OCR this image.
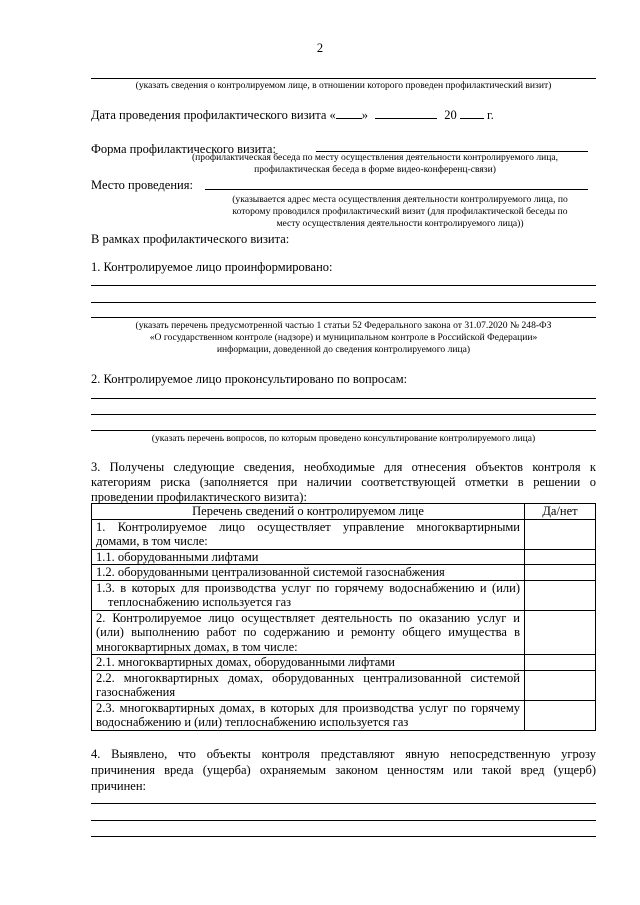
2
(указать сведения о контролируемом лице, в отношении которого проведен профилактический визит)
Дата проведения профилактического визита « »	20 г.
Форма профилактического визита:
(профилактическая беседа по месту осуществления деятельности контролируемого лица,
профилактическая беседа в форме видео-конференц-связи)
Место проведения:
(указывается адрес места осуществления деятельности контролируемого лица, по
которому проводился профилактический визит (для профилактической беседы по
месту осуществления деятельности контролируемого лица))
В рамках профилактического визита:
1. Контролируемое лицо проинформировано:
(указать перечень предусмотренной частью 1 статьи 52 Федерального закона от 31.07.2020 № 248-ФЗ
«О государственном контроле (надзоре) и муниципальном контроле в Российской Федерации»
информации, доведенной до сведения контролируемого лица)
2. Контролируемое лицо проконсультировано по вопросам:
(указать перечень вопросов, по которым проведено консультирование контролируемого лица)
3. Получены следующие сведения, необходимые для отнесения объектов контроля к
категориям риска (заполняется при наличии соответствующей отметки в решении о
проведении профилактического визита):
Перечень сведений о контролируемом лице	Да/нет
1. Контролируемое лицо осуществляет управление многоквартирными домами, в том числе:	
1.1. оборудованными лифтами	
1.2. оборудованными централизованной системой газоснабжения	
1.3. в которых для производства услуг по горячему водоснабжению и (или) теплоснабжению используется газ	
2. Контролируемое лицо осуществляет деятельность по оказанию услуг и (или) выполнению работ по содержанию и ремонту общего имущества в многоквартирных домах, в том числе:	
2.1. многоквартирных домах, оборудованными лифтами	
2.2. многоквартирных домах, оборудованных централизованной системой газоснабжения	
2.3. многоквартирных домах, в которых для производства услуг по горячему водоснабжению и (или) теплоснабжению используется газ	
4. Выявлено, что объекты контроля представляют явную непосредственную угрозу
причинения вреда (ущерба) охраняемым законом ценностям или такой вред (ущерб)
причинен:
